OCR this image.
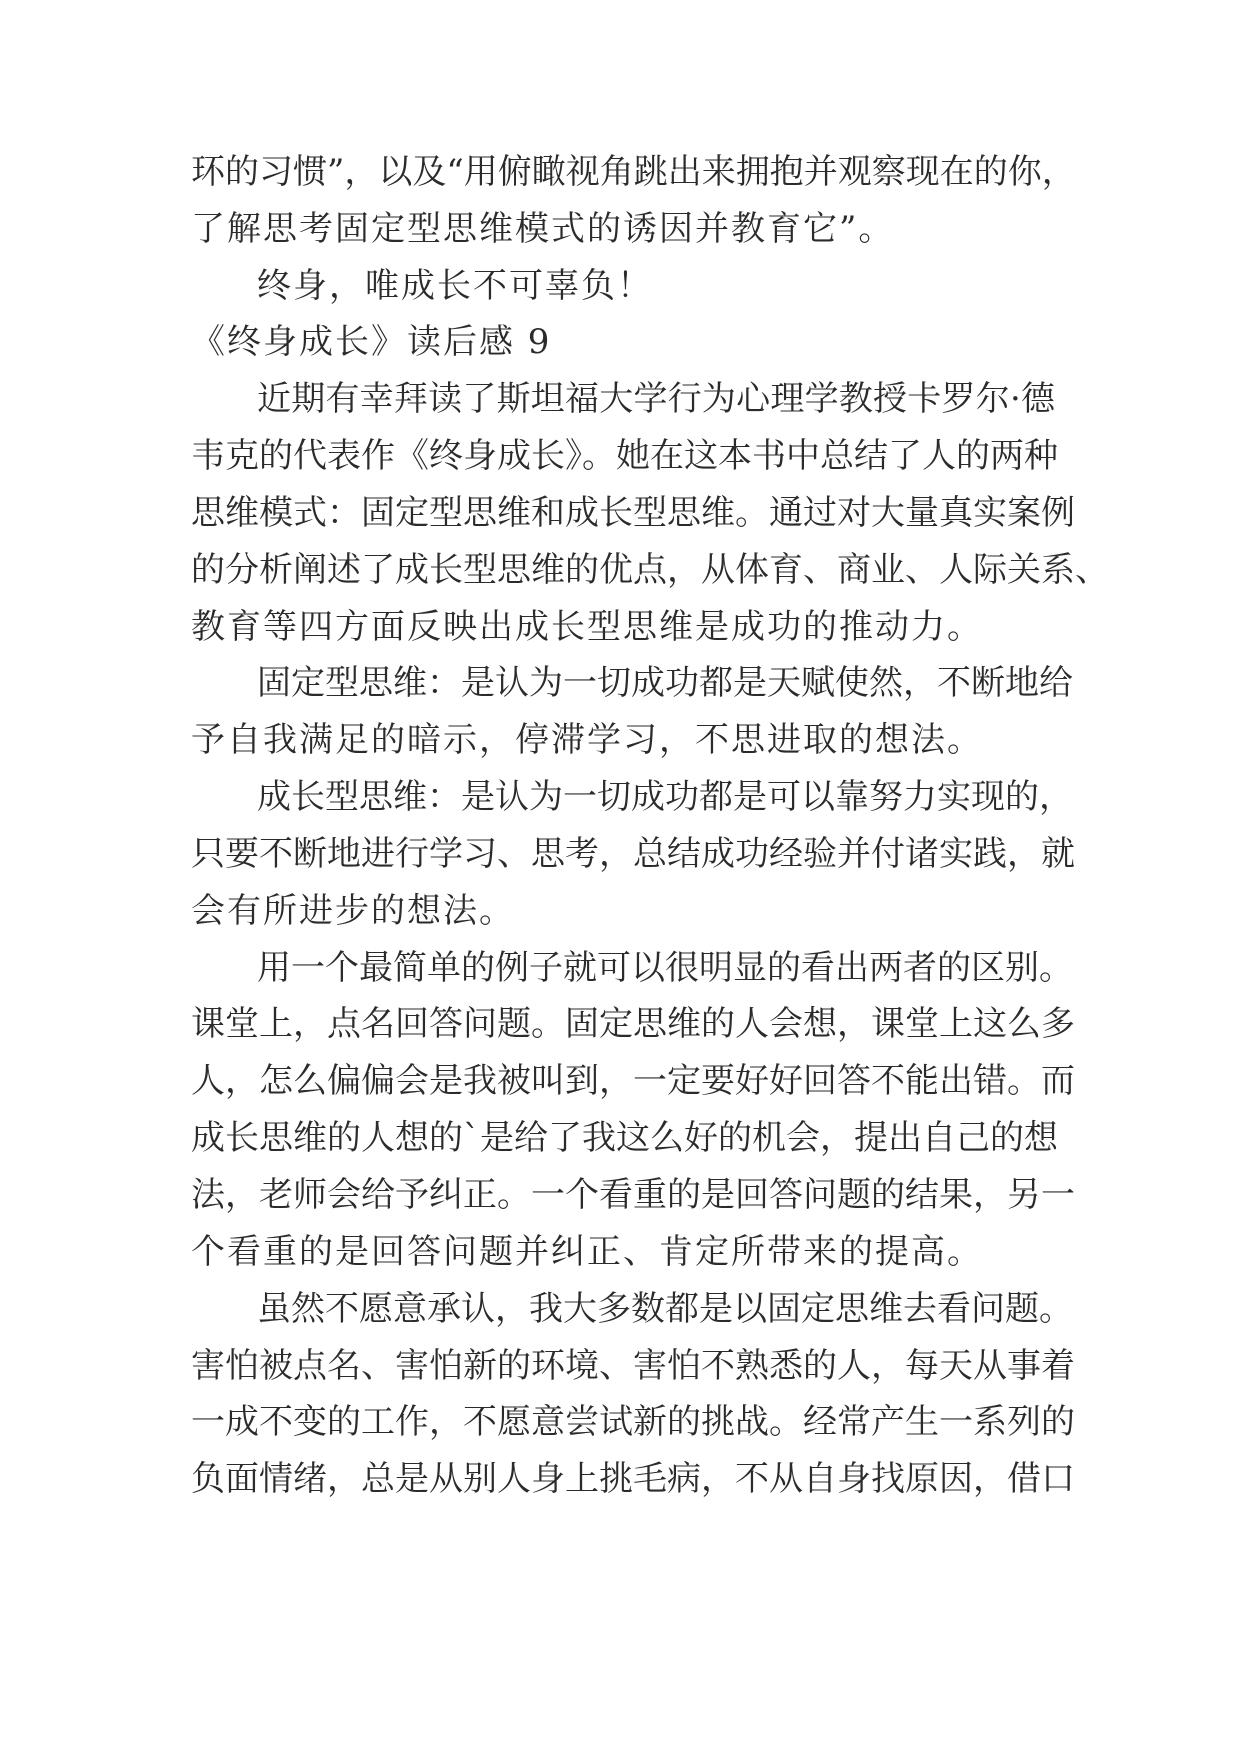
环的习惯”，以及“用俯瞰视角跳出来拥抱并观察现在的你，
了解思考固定型思维模式的诱因并教育它”。
终身，唯成长不可辜负！
《终身成长》读后感 9
近期有幸拜读了斯坦福大学行为心理学教授卡罗尔·德
韦克的代表作《终身成长》。她在这本书中总结了人的两种
思维模式：固定型思维和成长型思维。通过对大量真实案例
的分析阐述了成长型思维的优点，从体育、商业、人际关系、
教育等四方面反映出成长型思维是成功的推动力。
固定型思维：是认为一切成功都是天赋使然，不断地给
予自我满足的暗示，停滞学习，不思进取的想法。
成长型思维：是认为一切成功都是可以靠努力实现的，
只要不断地进行学习、思考，总结成功经验并付诸实践，就
会有所进步的想法。
用一个最简单的例子就可以很明显的看出两者的区别。
课堂上，点名回答问题。固定思维的人会想，课堂上这么多
人，怎么偏偏会是我被叫到，一定要好好回答不能出错。而
成长思维的人想的`是给了我这么好的机会，提出自己的想
法，老师会给予纠正。一个看重的是回答问题的结果，另一
个看重的是回答问题并纠正、肯定所带来的提高。
虽然不愿意承认，我大多数都是以固定思维去看问题。
害怕被点名、害怕新的环境、害怕不熟悉的人，每天从事着
一成不变的工作，不愿意尝试新的挑战。经常产生一系列的
负面情绪，总是从别人身上挑毛病，不从自身找原因，借口
